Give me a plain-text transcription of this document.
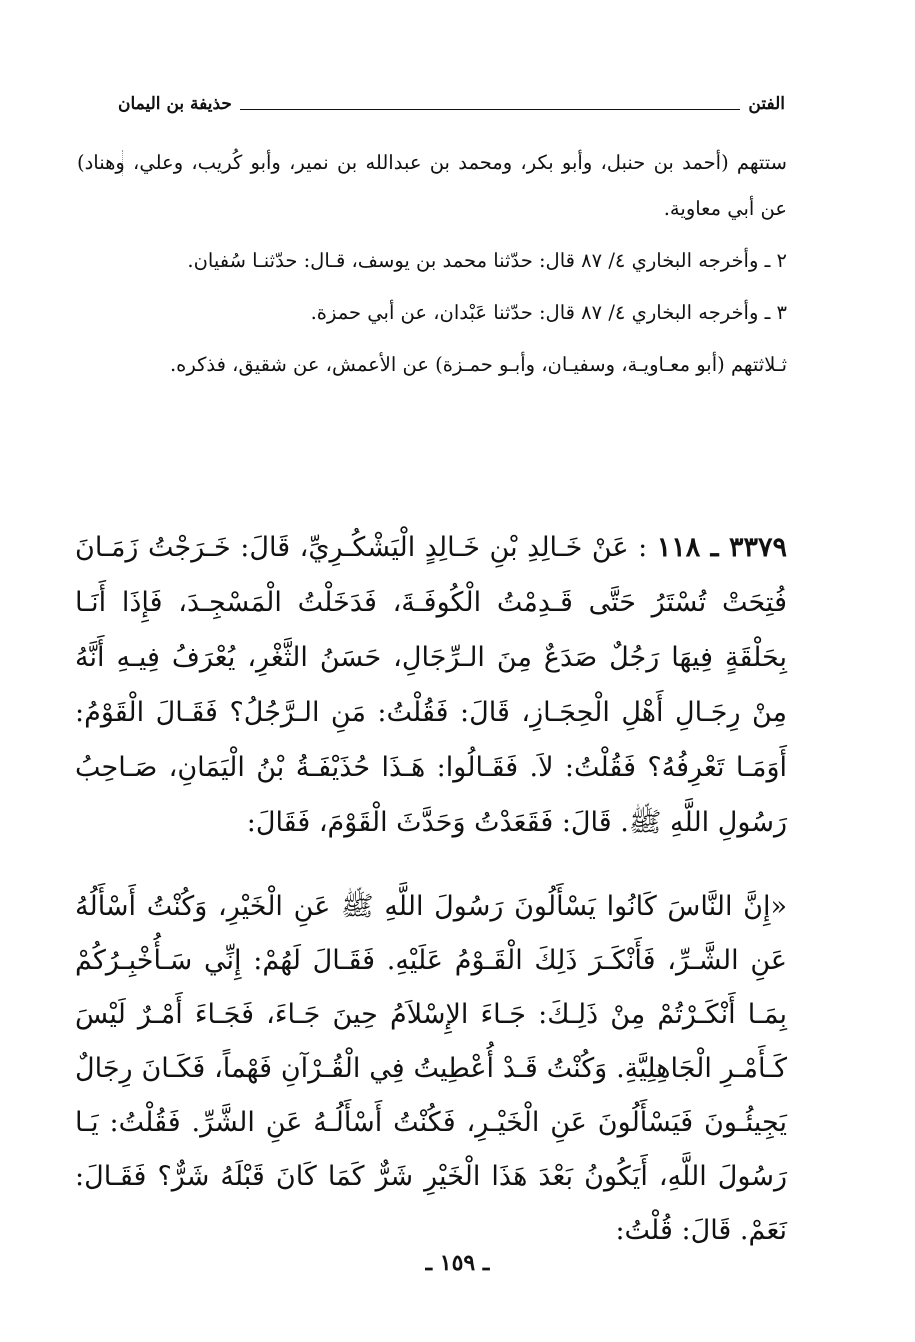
الفتن
حذيفة بن اليمان

ستتهم (أحمد بن حنبل، وأبو بكر، ومحمد بن عبدالله بن نمير، وأبو كُريب، وعلي، وهناد) عن أبي معاوية.

٢ ـ وأخرجه البخاري ٤/ ٨٧ قال: حدّثنا محمد بن يوسف، قـال: حدّثنـا سُفيان.

٣ ـ وأخرجه البخاري ٤/ ٨٧ قال: حدّثنا عَبْدان، عن أبي حمزة.

ثـلاثتهم (أبو معـاويـة، وسفيـان، وأبـو حمـزة) عن الأعمش، عن شقيق، فذكره.

٣٣٧٩ ـ ١١٨ : عَنْ خَـالِدِ بْنِ خَـالِدٍ الْيَشْكُـرِيِّ، قَالَ: خَـرَجْتُ زَمَـانَ فُتِحَتْ تُسْتَرُ حَتَّى قَـدِمْتُ الْكُوفَـةَ، فَدَخَلْتُ الْمَسْجِـدَ، فَإِذَا أَنَـا بِحَلْقَةٍ فِيهَا رَجُلٌ صَدَعٌ مِنَ الـرِّجَالِ، حَسَنُ الثَّغْرِ، يُعْرَفُ فِيـهِ أَنَّهُ مِنْ رِجَـالِ أَهْلِ الْحِجَـازِ، قَالَ: فَقُلْتُ: مَنِ الـرَّجُلُ؟ فَقَـالَ الْقَوْمُ: أَوَمَـا تَعْرِفُهُ؟ فَقُلْتُ: لاَ. فَقَـالُوا: هَـذَا حُذَيْفَـةُ بْنُ الْيَمَانِ، صَـاحِبُ رَسُولِ اللَّهِ ﷺ. قَالَ: فَقَعَدْتُ وَحَدَّثَ الْقَوْمَ، فَقَالَ:

«إِنَّ النَّاسَ كَانُوا يَسْأَلُونَ رَسُولَ اللَّهِ ﷺ عَنِ الْخَيْرِ، وَكُنْتُ أَسْأَلُهُ عَنِ الشَّـرِّ، فَأَنْكَـرَ ذَلِكَ الْقَـوْمُ عَلَيْهِ. فَقَـالَ لَهُمْ: إِنِّي سَـأُخْبِـرُكُمْ بِمَـا أَنْكَـرْتُمْ مِنْ ذَلِـكَ: جَـاءَ الإِسْلاَمُ حِينَ جَـاءَ، فَجَـاءَ أَمْـرٌ لَيْسَ كَـأَمْـرِ الْجَاهِلِيَّةِ. وَكُنْتُ قَـدْ أُعْطِيتُ فِي الْقُـرْآنِ فَهْماً، فَكَـانَ رِجَالٌ يَجِيئُـونَ فَيَسْأَلُونَ عَنِ الْخَيْـرِ، فَكُنْتُ أَسْأَلُـهُ عَنِ الشَّرِّ. فَقُلْتُ: يَـا رَسُولَ اللَّهِ، أَيَكُونُ بَعْدَ هَذَا الْخَيْرِ شَرٌّ كَمَا كَانَ قَبْلَهُ شَرٌّ؟ فَقَـالَ: نَعَمْ. قَالَ: قُلْتُ:

ـ ١٥٩ ـ
